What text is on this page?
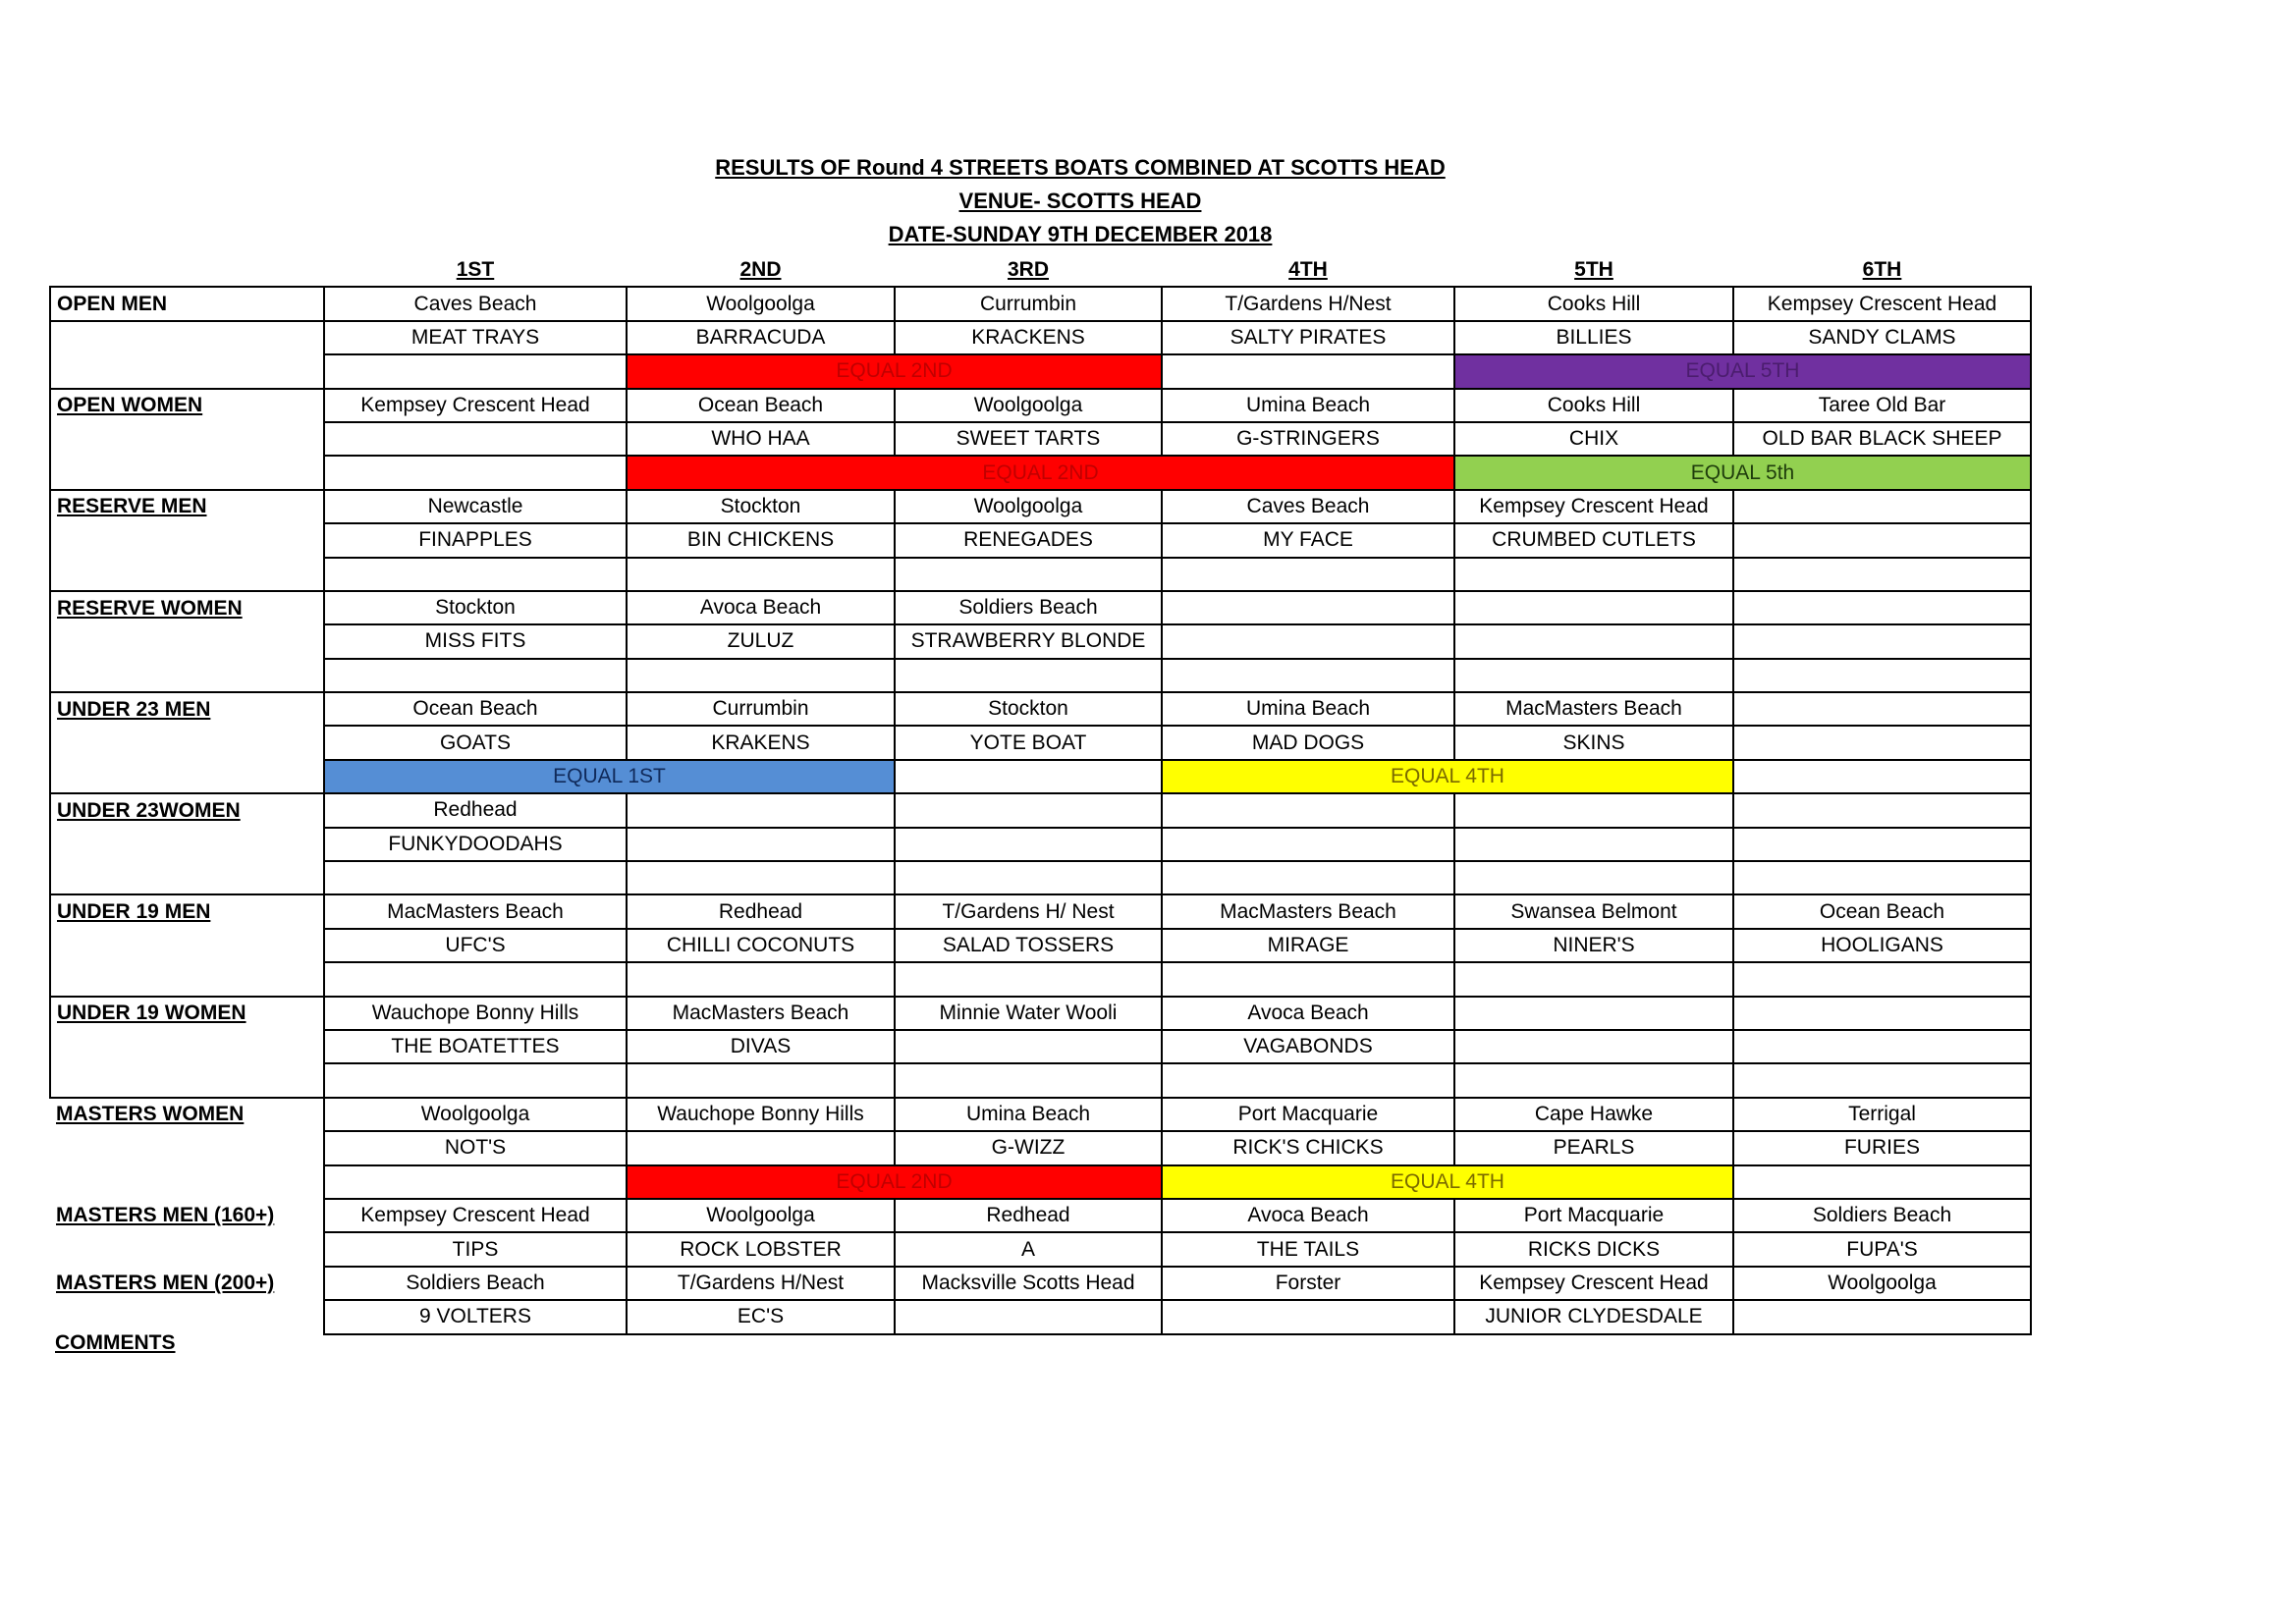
RESULTS OF Round 4 STREETS BOATS COMBINED AT SCOTTS HEAD
VENUE- SCOTTS HEAD
DATE-SUNDAY 9TH DECEMBER 2018
	1ST	2ND	3RD	4TH	5TH	6TH
OPEN MEN	Caves Beach	Woolgoolga	Currumbin	T/Gardens H/Nest	Cooks Hill	Kempsey Crescent Head
	MEAT TRAYS	BARRACUDA	KRACKENS	SALTY PIRATES	BILLIES	SANDY CLAMS
		EQUAL 2ND			EQUAL 5TH	
OPEN WOMEN	Kempsey Crescent Head	Ocean Beach	Woolgoolga	Umina Beach	Cooks Hill	Taree Old Bar
		WHO HAA	SWEET TARTS	G-STRINGERS	CHIX	OLD BAR BLACK SHEEP
		EQUAL 2ND			EQUAL 5th	
RESERVE MEN	Newcastle	Stockton	Woolgoolga	Caves Beach	Kempsey Crescent Head	
	FINAPPLES	BIN CHICKENS	RENEGADES	MY FACE	CRUMBED CUTLETS	

RESERVE WOMEN	Stockton	Avoca Beach	Soldiers Beach			
	MISS FITS	ZULUZ	STRAWBERRY BLONDE			

UNDER 23 MEN	Ocean Beach	Currumbin	Stockton	Umina Beach	MacMasters Beach	
	GOATS	KRAKENS	YOTE BOAT	MAD DOGS	SKINS	
	EQUAL 1ST			EQUAL 4TH		
UNDER 23WOMEN	Redhead					
	FUNKYDOODAHS					

UNDER 19 MEN	MacMasters Beach	Redhead	T/Gardens H/ Nest	MacMasters Beach	Swansea Belmont	Ocean Beach
	UFC'S	CHILLI COCONUTS	SALAD TOSSERS	MIRAGE	NINER'S	HOOLIGANS

UNDER 19 WOMEN	Wauchope Bonny Hills	MacMasters Beach	Minnie Water Wooli	Avoca Beach		
	THE BOATETTES	DIVAS		VAGABONDS		

MASTERS WOMEN	Woolgoolga	Wauchope Bonny Hills	Umina Beach	Port Macquarie	Cape Hawke	Terrigal
	NOT'S		G-WIZZ	RICK'S CHICKS	PEARLS	FURIES
		EQUAL 2ND		EQUAL 4TH		
MASTERS MEN (160+)	Kempsey Crescent Head	Woolgoolga	Redhead	Avoca Beach	Port Macquarie	Soldiers Beach
	TIPS	ROCK LOBSTER	A	THE TAILS	RICKS DICKS	FUPA'S
MASTERS MEN (200+)	Soldiers Beach	T/Gardens H/Nest	Macksville Scotts Head	Forster	Kempsey Crescent Head	Woolgoolga
	9 VOLTERS	EC'S			JUNIOR CLYDESDALE	
COMMENTS
